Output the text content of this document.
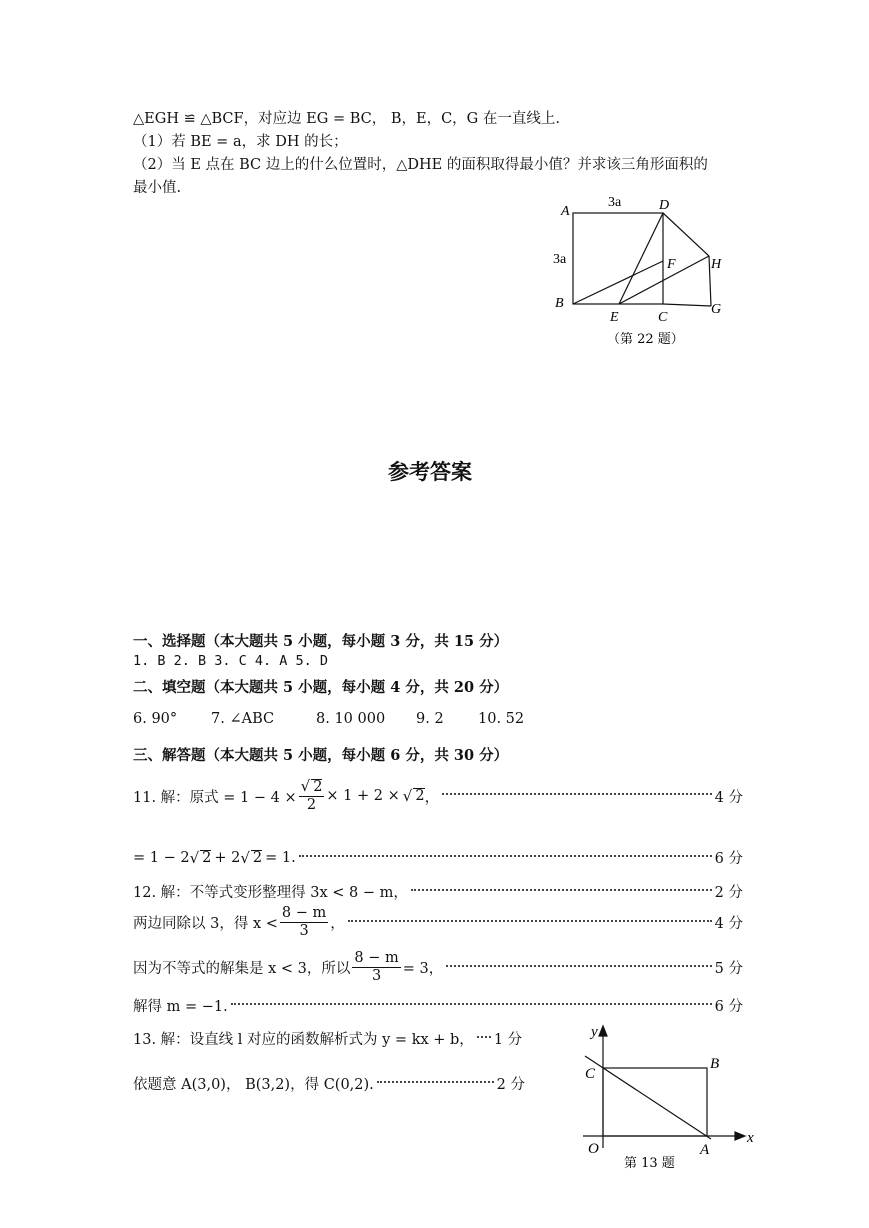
△EGH ≌ △BCF，对应边 EG = BC， B，E，C，G 在一直线上.
（1）若 BE = a，求 DH 的长；
（2）当 E 点在 BC 边上的什么位置时，△DHE 的面积取得最小值？并求该三角形面积的
最小值.
A
3a	D
3a	F	H
B
E	C
G
（第 22 题）
参考答案
一、选择题（本大题共 5 小题，每小题 3 分，共 15 分）
1. B 2. B 3. C 4. A 5. D
二、填空题（本大题共 5 小题，每小题 4 分，共 20 分）
6. 90° 7. ∠ABC	8. 10 000 9. 2 10. 52
三、解答题（本大题共 5 小题，每小题 6 分，共 30 分）
11. 解：原式 = $1 - 4 \times \frac{√ 2}{2} \times 1 + 2$ × √ 2 ，	4 分
= 1 − 2 √ 2 + 2 √ 2 = 1.	6 分
12. 解：不等式变形整理得 3x < 8 − m，	2 分
两边同除以 3，得 $x < \frac{8 - m}{3}$ ，	4 分
因为不等式的解集是 x < 3，所以 $\frac{8 - m}{3} = 3$，	5 分
解得 m = −1.	6 分
13. 解：设直线 l 对应的函数解析式为 y = kx + b， 1 分
依题意 A(3,0)， B(3,2)，得 C(0,2).	2 分
y
x
O	A
B
C
第 13 题
